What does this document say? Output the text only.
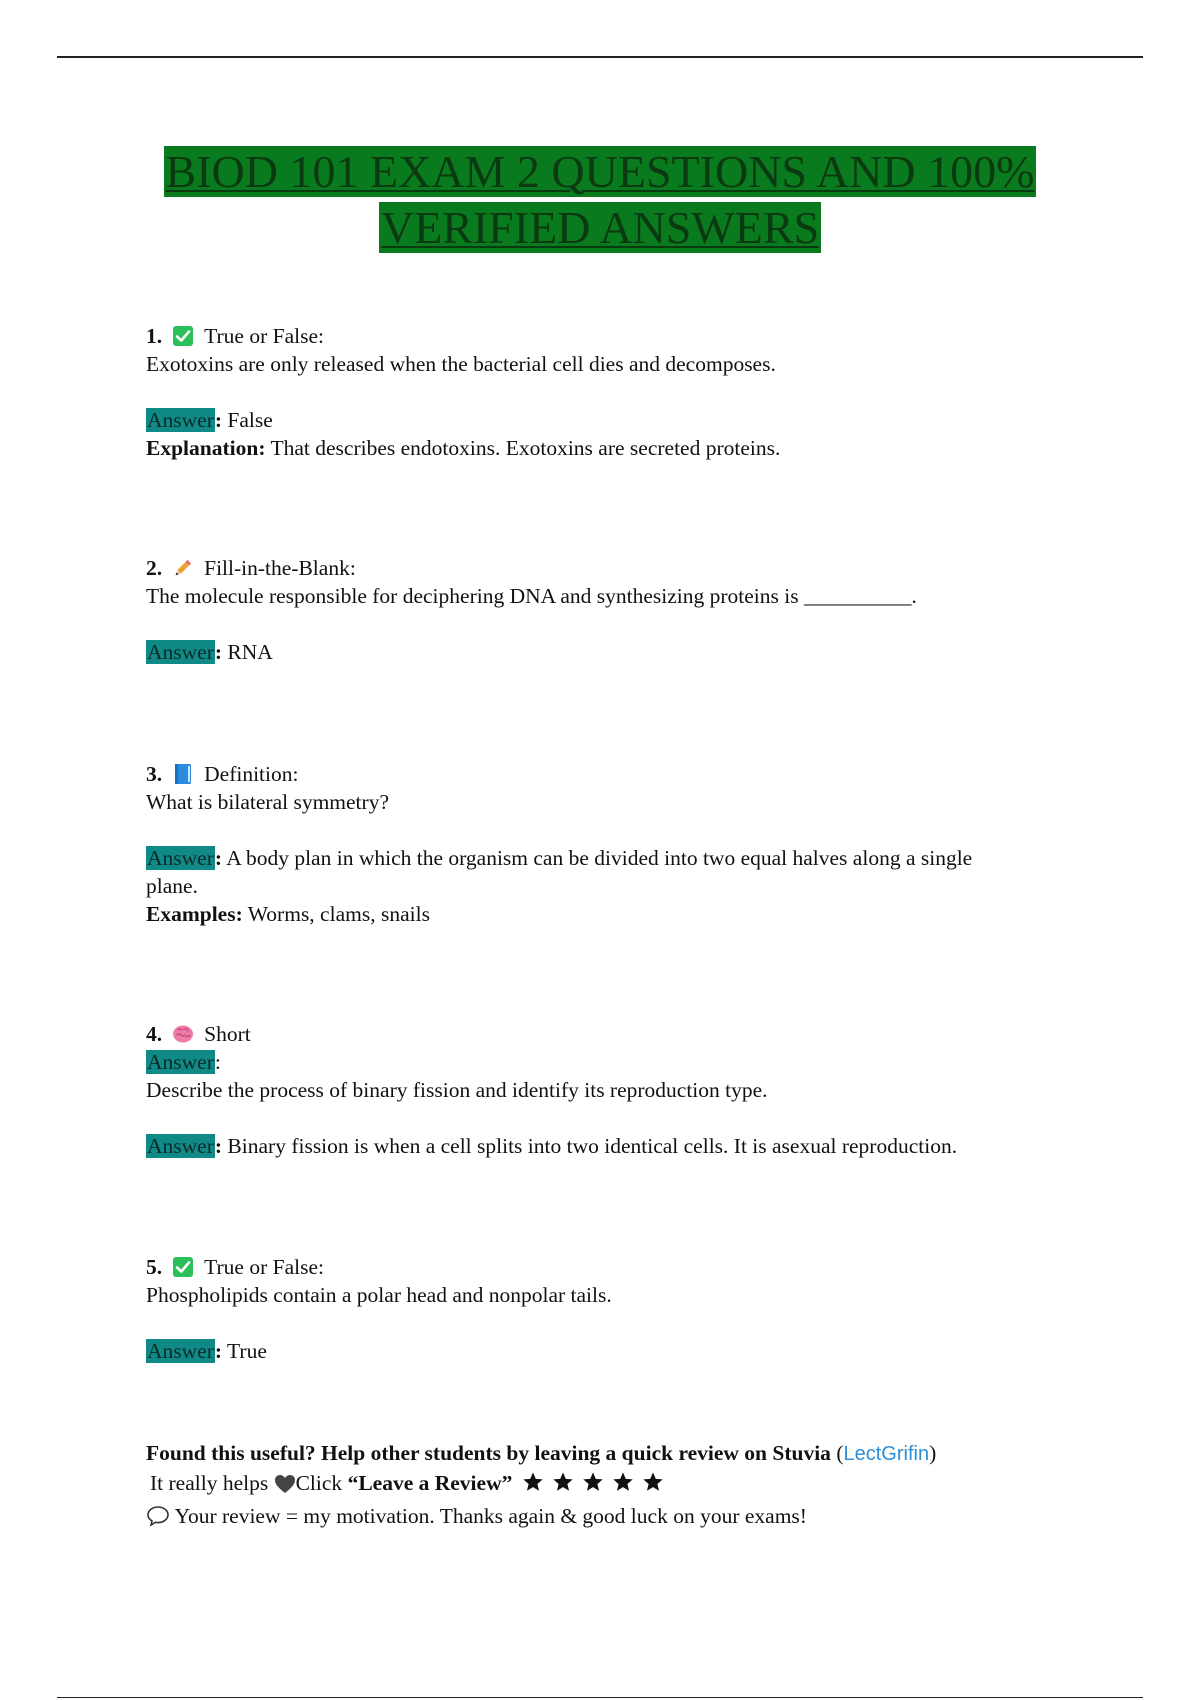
BIOD 101 EXAM 2 QUESTIONS AND 100%
VERIFIED ANSWERS
1. True or False:
Exotoxins are only released when the bacterial cell dies and decomposes.
Answer: False
Explanation: That describes endotoxins. Exotoxins are secreted proteins.
2. Fill-in-the-Blank:
The molecule responsible for deciphering DNA and synthesizing proteins is __________.
Answer: RNA
3. Definition:
What is bilateral symmetry?
Answer: A body plan in which the organism can be divided into two equal halves along a single
plane.
Examples: Worms, clams, snails
4. Short
Answer:
Describe the process of binary fission and identify its reproduction type.
Answer: Binary fission is when a cell splits into two identical cells. It is asexual reproduction.
5. True or False:
Phospholipids contain a polar head and nonpolar tails.
Answer: True
Found this useful? Help other students by leaving a quick review on Stuvia (LectGrifin)
It really helps Click “Leave a Review”
Your review = my motivation. Thanks again & good luck on your exams!
